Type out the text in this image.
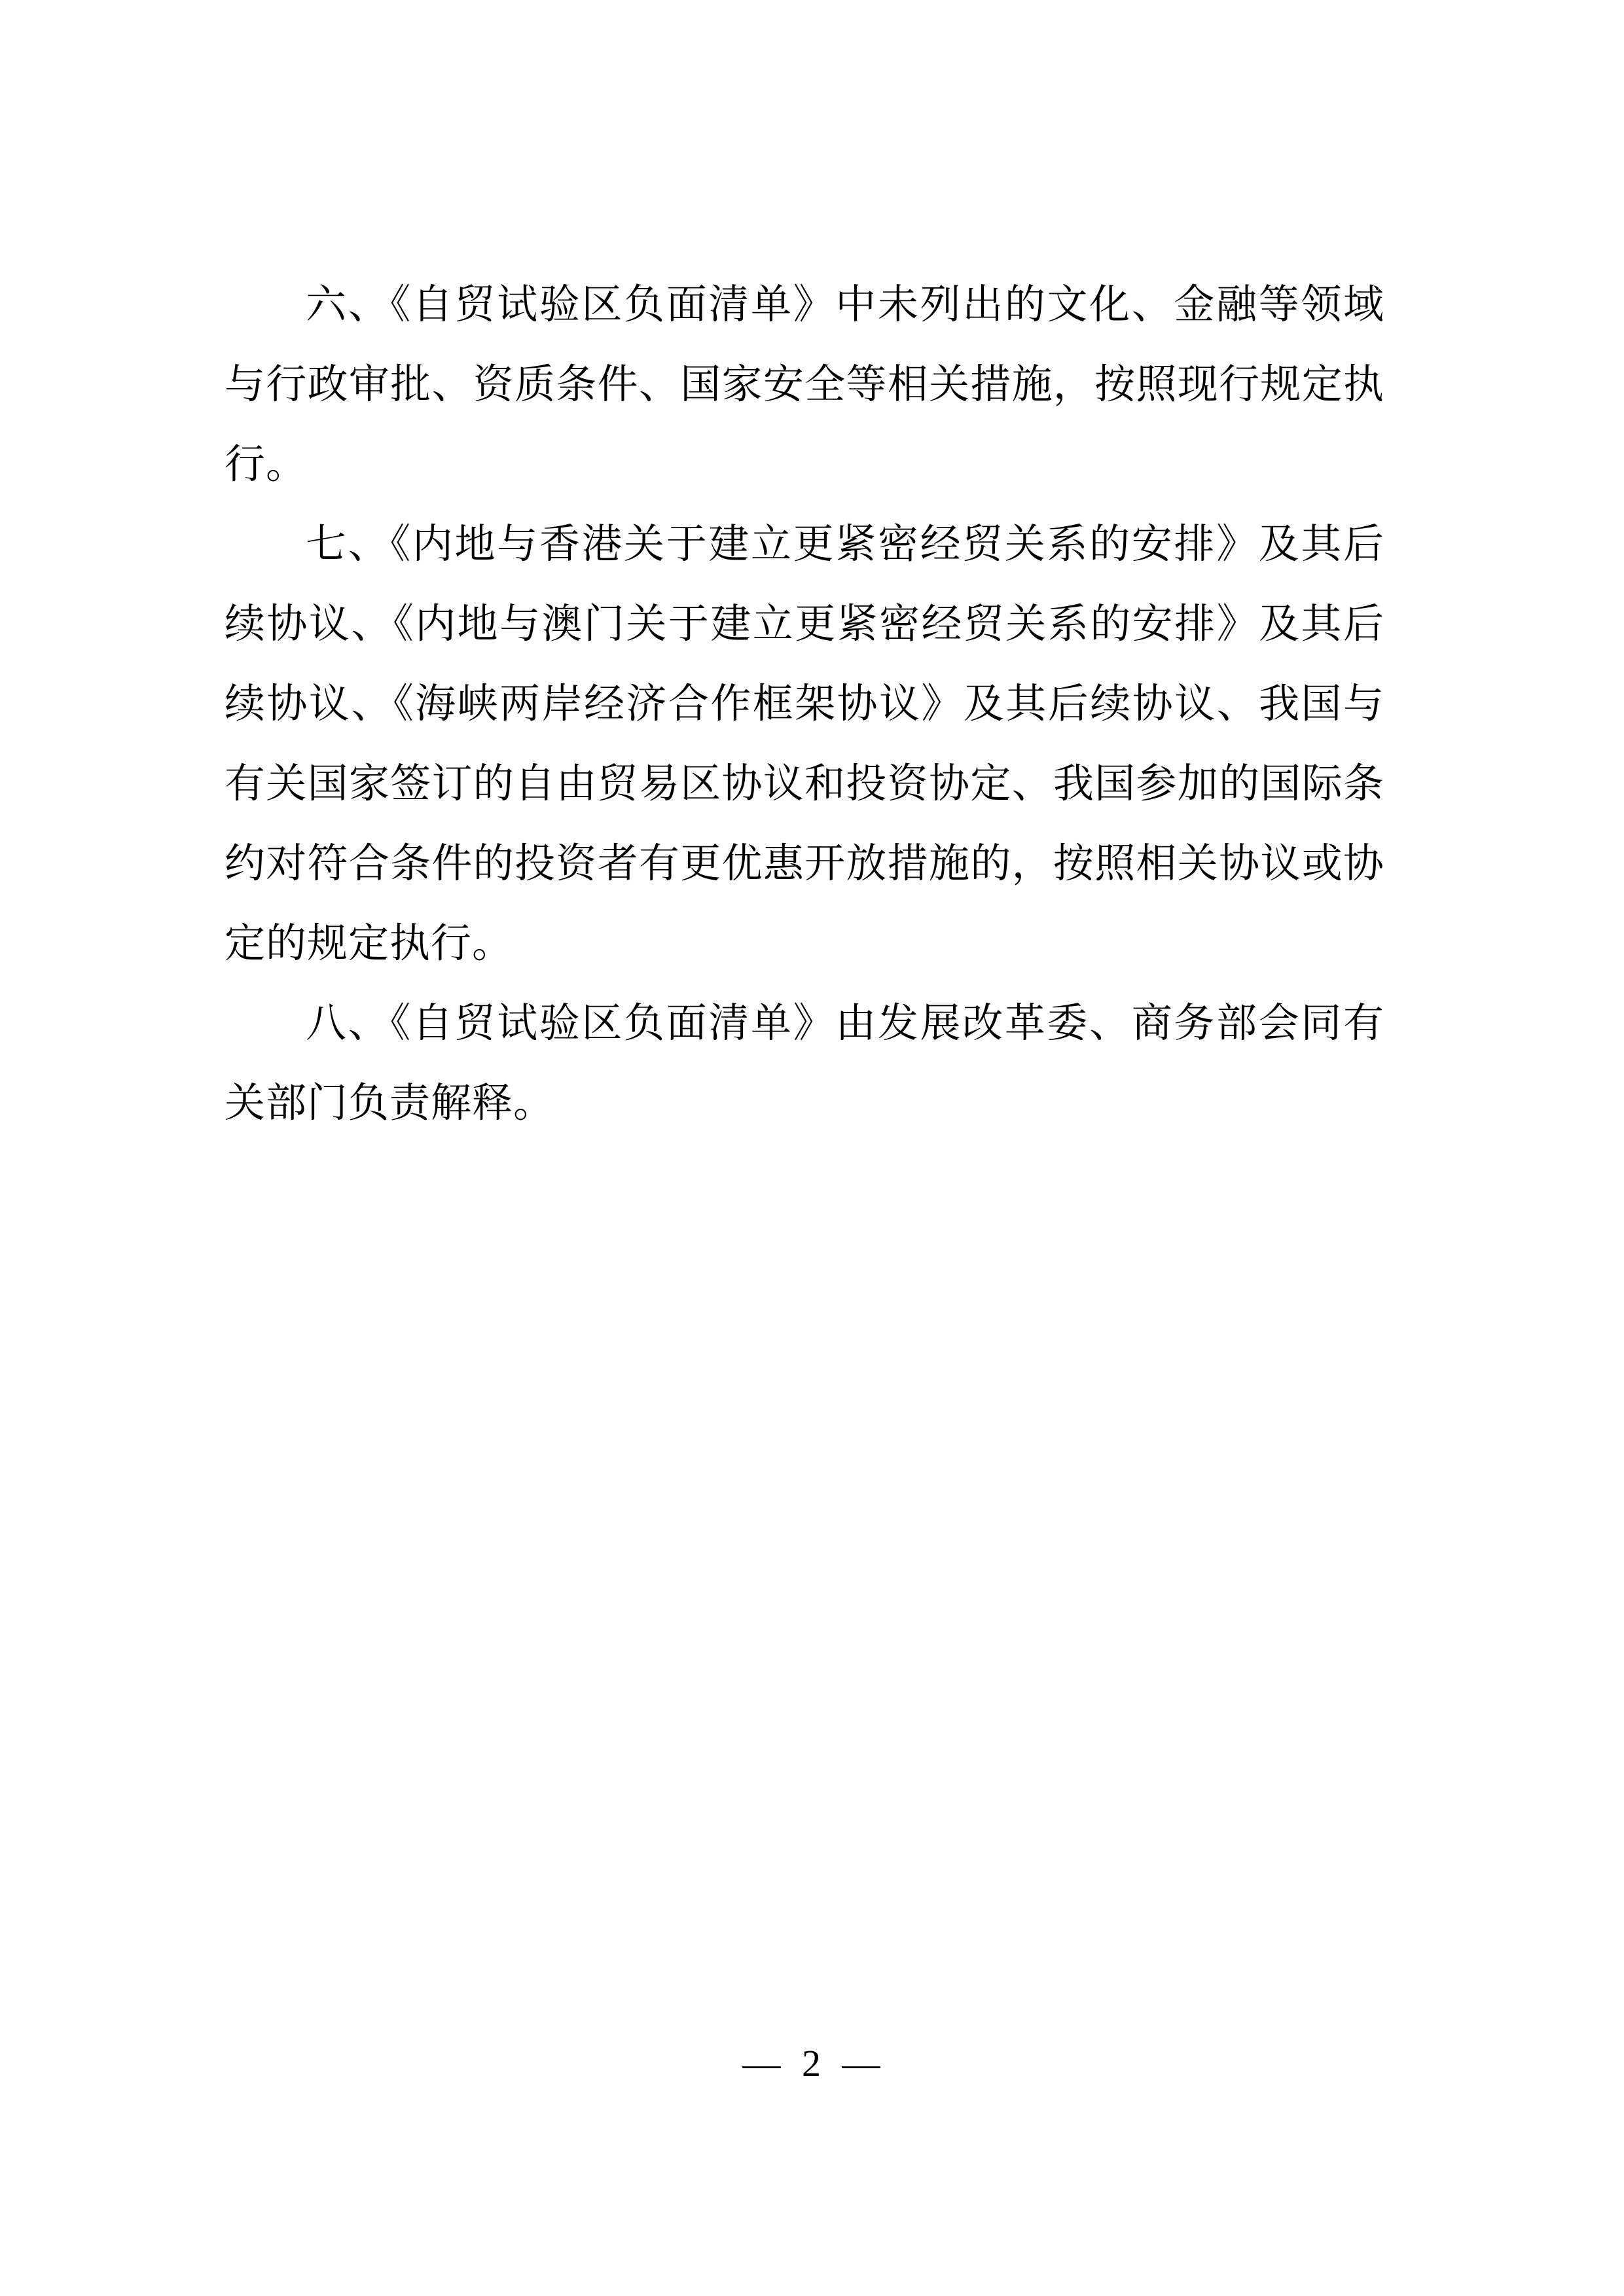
六、《自贸试验区负面清单》中未列出的文化、金融等领域与行政审批、资质条件、国家安全等相关措施，按照现行规定执行。

七、《内地与香港关于建立更紧密经贸关系的安排》及其后续协议、《内地与澳门关于建立更紧密经贸关系的安排》及其后续协议、《海峡两岸经济合作框架协议》及其后续协议、我国与有关国家签订的自由贸易区协议和投资协定、我国参加的国际条约对符合条件的投资者有更优惠开放措施的，按照相关协议或协定的规定执行。

八、《自贸试验区负面清单》由发展改革委、商务部会同有关部门负责解释。

— 2 —
